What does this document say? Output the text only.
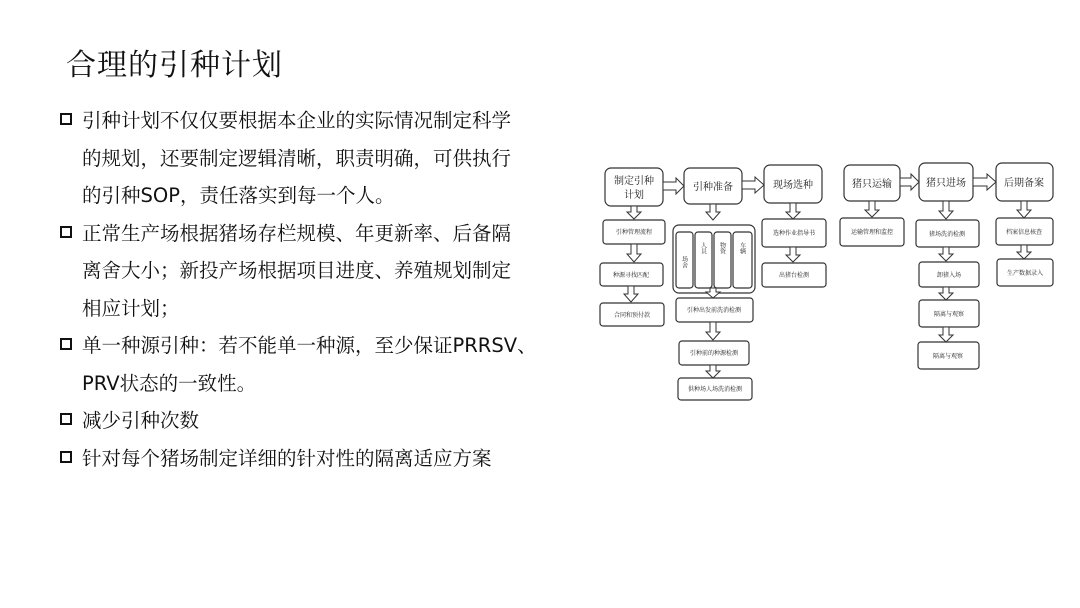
合理的引种计划
引种计划不仅仅要根据本企业的实际情况制定科学
的规划，还要制定逻辑清晰，职责明确，可供执行
的引种SOP，责任落实到每一个人。
正常生产场根据猪场存栏规模、年更新率、后备隔
离舍大小；新投产场根据项目进度、养殖规划制定
相应计划；
单一种源引种：若不能单一种源，至少保证PRRSV、
PRV状态的一致性。
减少引种次数
针对每个猪场制定详细的针对性的隔离适应方案
制定引种
计划
引种准备	现场选种	猪只运输	猪只进场	后期备案
引种管理流程
种源寻找匹配
合同和预付款
场舍
人员 物资 车辆
引种出发前洗消检测
引种前的种源检测
供种场人场洗消检测
选种作业指导书
出猪台检测
运输管理和监控	猪场洗消检测
卸猪入场
隔离与观察
隔离与观察
档案信息核查
生产数据录入
